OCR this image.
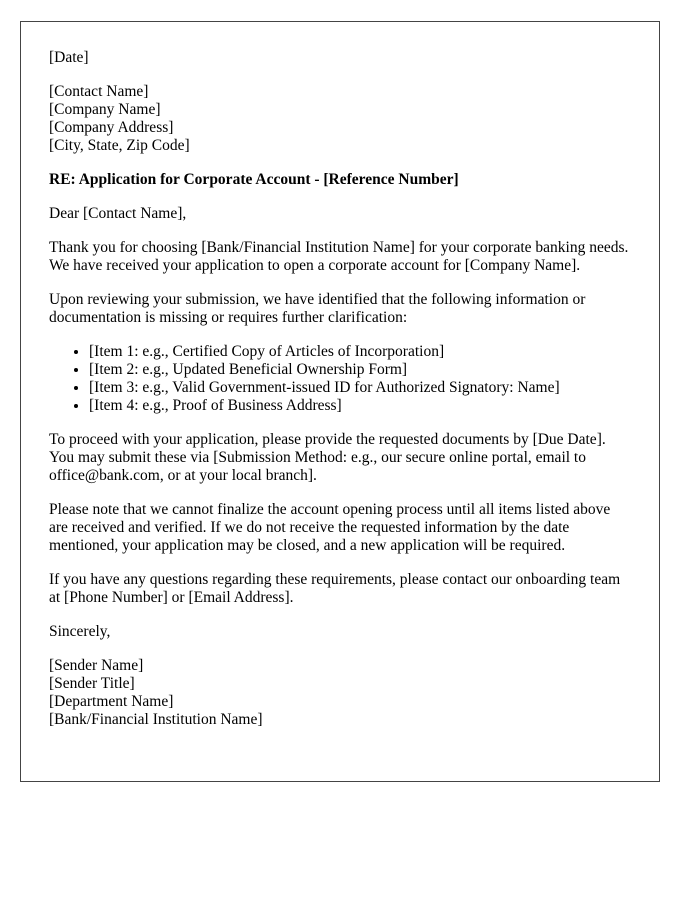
[Date]

[Contact Name]
[Company Name]
[Company Address]
[City, State, Zip Code]

RE: Application for Corporate Account - [Reference Number]

Dear [Contact Name],

Thank you for choosing [Bank/Financial Institution Name] for your corporate banking needs. We have received your application to open a corporate account for [Company Name].

Upon reviewing your submission, we have identified that the following information or documentation is missing or requires further clarification:

• [Item 1: e.g., Certified Copy of Articles of Incorporation]
• [Item 2: e.g., Updated Beneficial Ownership Form]
• [Item 3: e.g., Valid Government-issued ID for Authorized Signatory: Name]
• [Item 4: e.g., Proof of Business Address]

To proceed with your application, please provide the requested documents by [Due Date]. You may submit these via [Submission Method: e.g., our secure online portal, email to office@bank.com, or at your local branch].

Please note that we cannot finalize the account opening process until all items listed above are received and verified. If we do not receive the requested information by the date mentioned, your application may be closed, and a new application will be required.

If you have any questions regarding these requirements, please contact our onboarding team at [Phone Number] or [Email Address].

Sincerely,

[Sender Name]
[Sender Title]
[Department Name]
[Bank/Financial Institution Name]
